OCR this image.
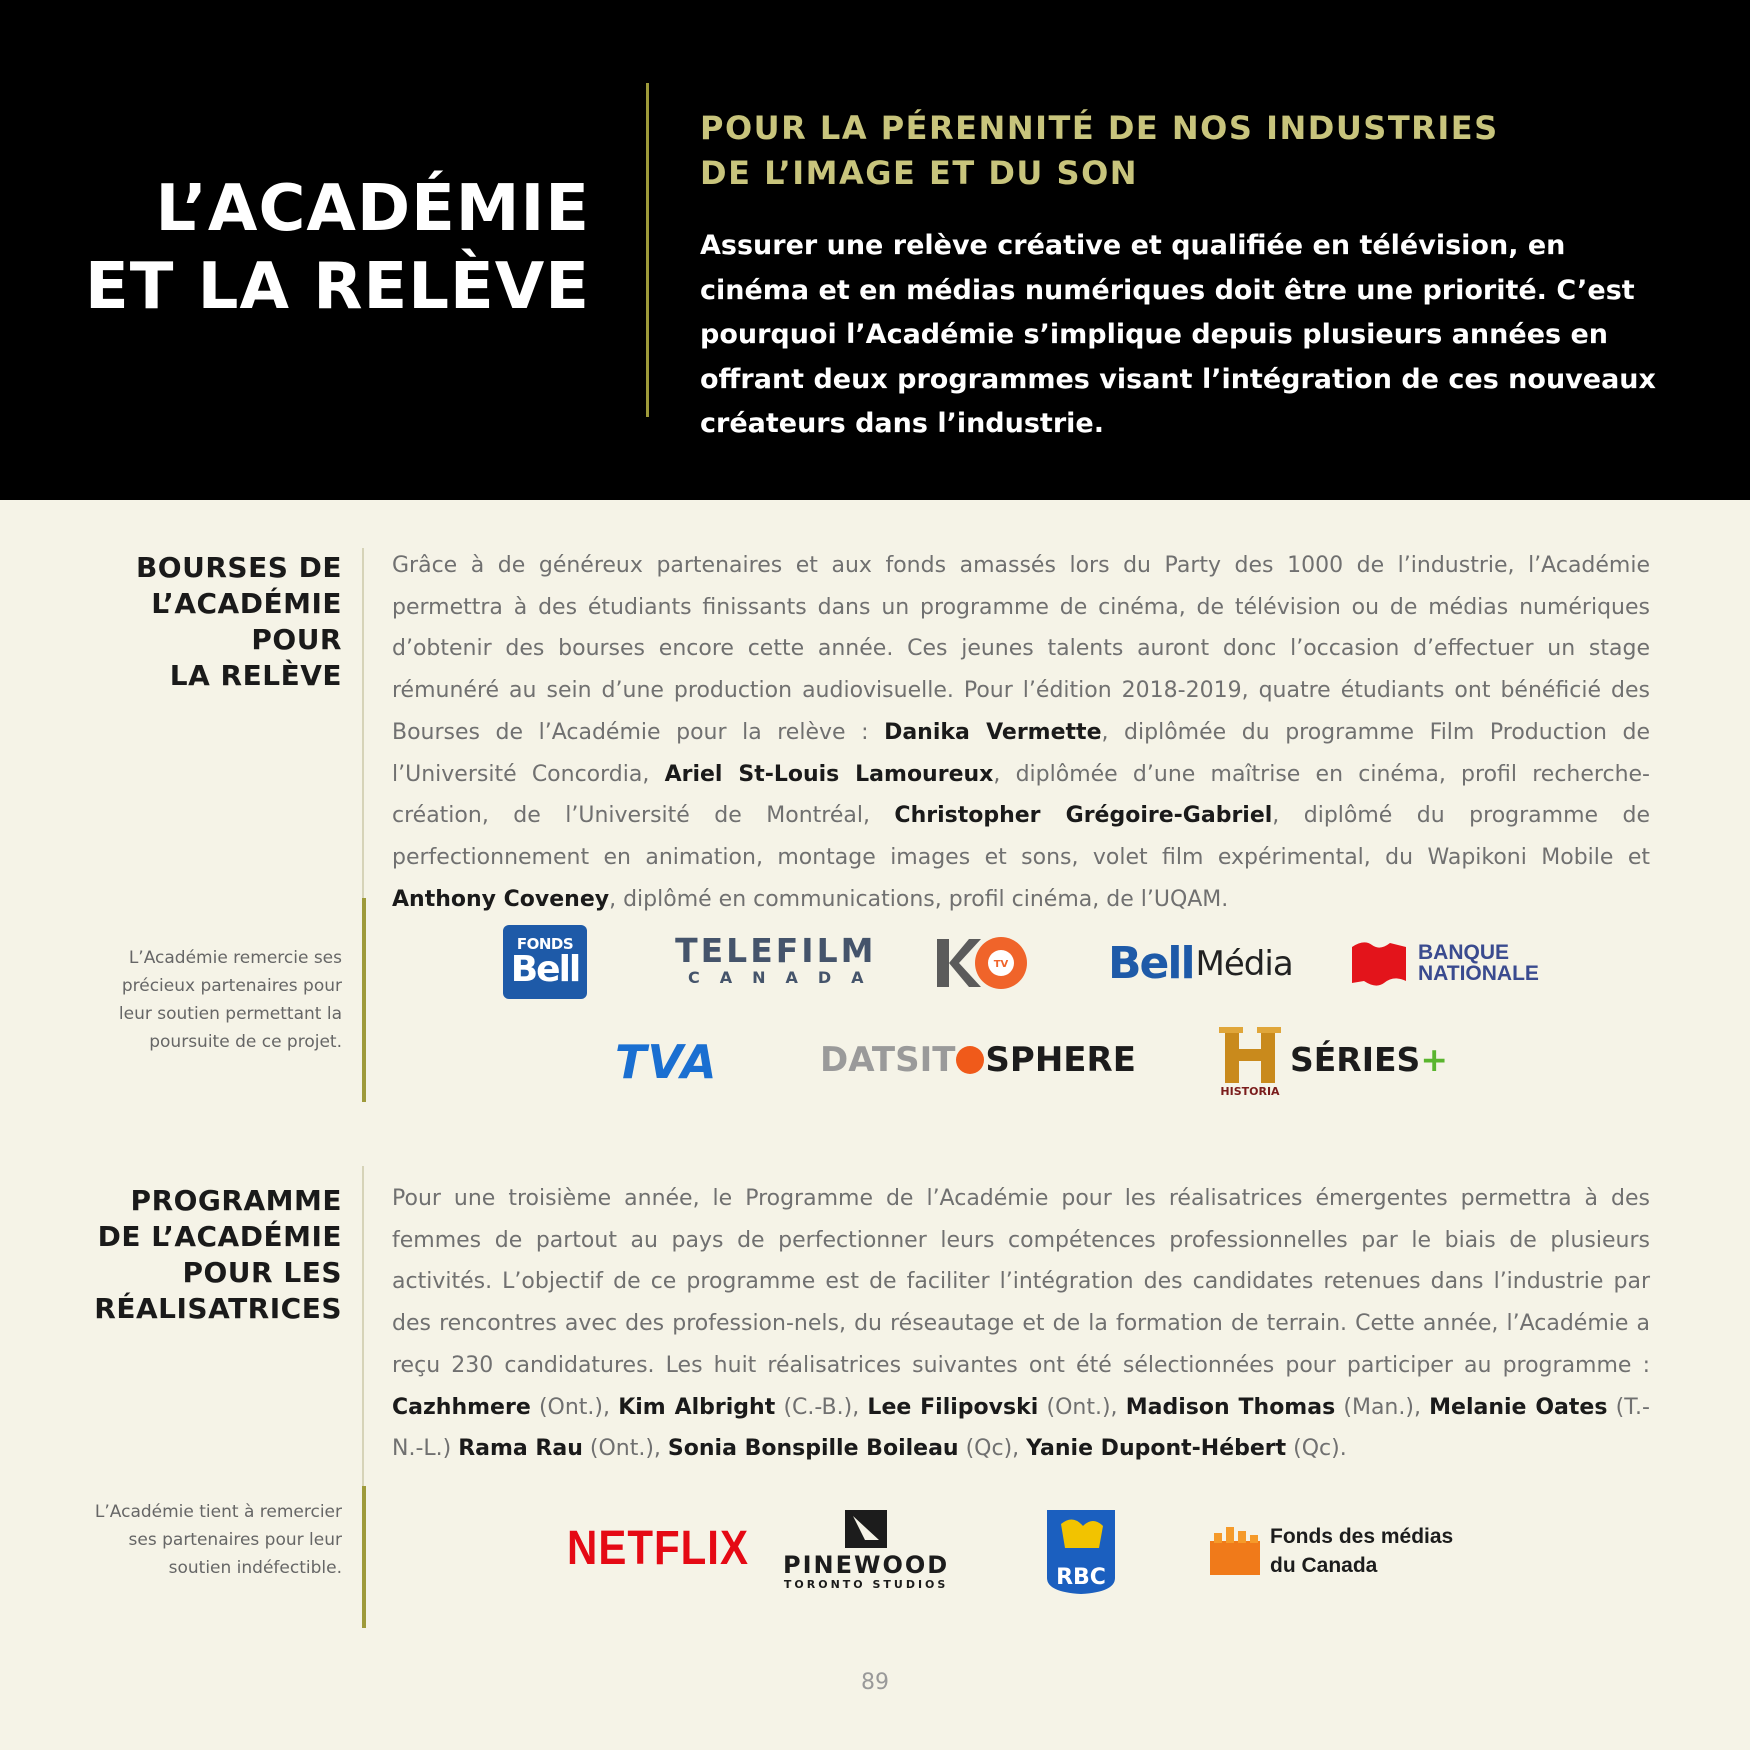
L’ACADÉMIE
ET LA RELÈVE
POUR LA PÉRENNITÉ DE NOS INDUSTRIES
DE L’IMAGE ET DU SON

Assurer une relève créative et qualifiée en télévision, en cinéma et en médias numériques doit être une priorité. C’est pourquoi l’Académie s’implique depuis plusieurs années en offrant deux programmes visant l’intégration de ces nouveaux créateurs dans l’industrie.

BOURSES DE
L’ACADÉMIE
POUR
LA RELÈVE

Grâce à de généreux partenaires et aux fonds amassés lors du Party des 1000 de l’industrie, l’Académie permettra à des étudiants finissants dans un programme de cinéma, de télévision ou de médias numériques d’obtenir des bourses encore cette année. Ces jeunes talents auront donc l’occasion d’effectuer un stage rémunéré au sein d’une production audiovisuelle. Pour l’édition 2018-2019, quatre étudiants ont bénéficié des Bourses de l’Académie pour la relève : Danika Vermette, diplômée du programme Film Production de l’Université Concordia, Ariel St-Louis Lamoureux, diplômée d’une maîtrise en cinéma, profil recherche-création, de l’Université de Montréal, Christopher Grégoire-Gabriel, diplômé du programme de perfectionnement en animation, montage images et sons, volet film expérimental, du Wapikoni Mobile et Anthony Coveney, diplômé en communications, profil cinéma, de l’UQAM.

L’Académie remercie ses précieux partenaires pour leur soutien permettant la poursuite de ce projet.

FONDS
Bell	TELEFILM
CANADA
TV Bell Média	BANQUE
NATIONALE
TVA	DATSIT SPHERE
HISTORIA
SÉRIES +
PROGRAMME
DE L’ACADÉMIE
POUR LES
RÉALISATRICES

Pour une troisième année, le Programme de l’Académie pour les réalisatrices émergentes permettra à des femmes de partout au pays de perfectionner leurs compétences professionnelles par le biais de plusieurs activités. L’objectif de ce programme est de faciliter l’intégration des candidates retenues dans l’industrie par des rencontres avec des profession-nels, du réseautage et de la formation de terrain. Cette année, l’Académie a reçu 230 candidatures. Les huit réalisatrices suivantes ont été sélectionnées pour participer au programme : Cazhhmere (Ont.), Kim Albright (C.-B.), Lee Filipovski (Ont.), Madison Thomas (Man.), Melanie Oates (T.-N.-L.) Rama Rau (Ont.), Sonia Bonspille Boileau (Qc), Yanie Dupont-Hébert (Qc).

L’Académie tient à remercier ses partenaires pour leur soutien indéfectible.	NETFLIX PINEWOOD
TORONTO STUDIOS	RBC
Fonds des médias
du Canada
89
